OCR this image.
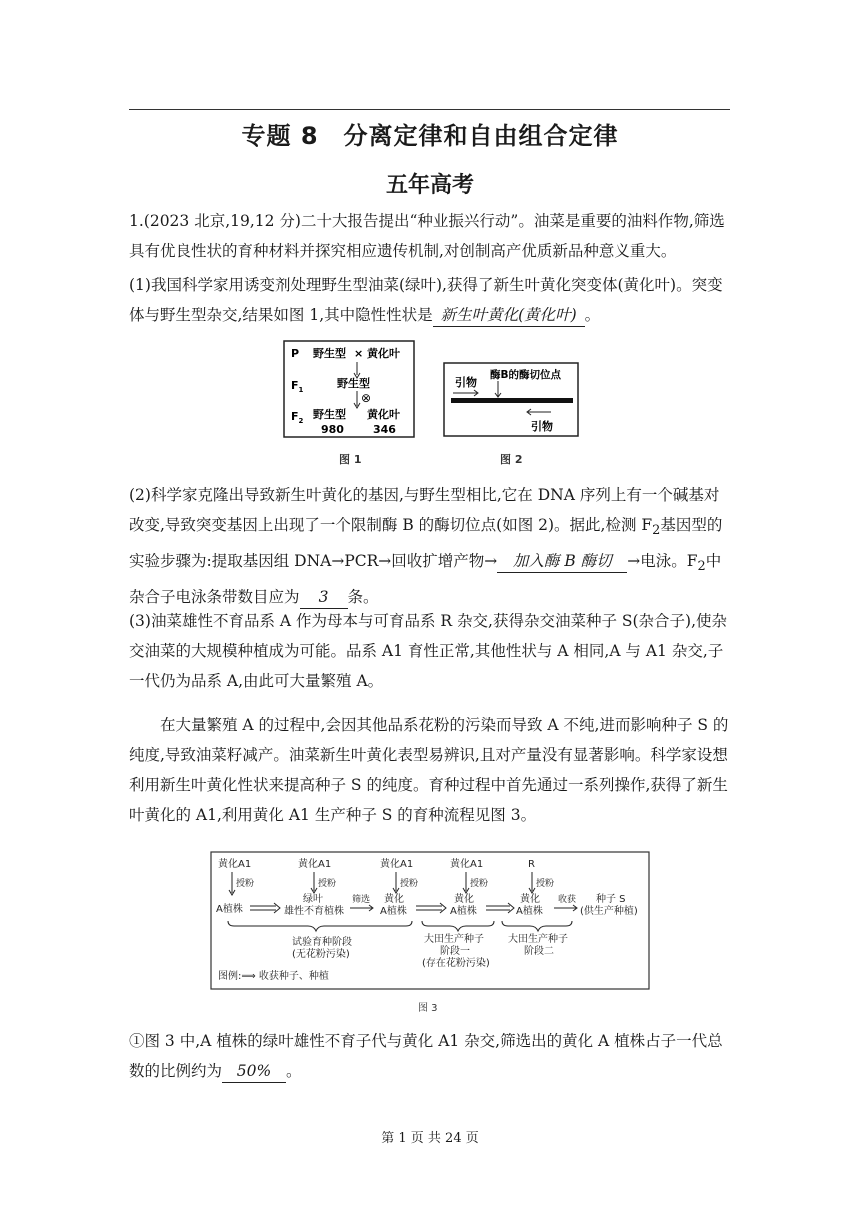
专题 8　分离定律和自由组合定律
五年高考
1.(2023 北京,19,12 分)二十大报告提出“种业振兴行动”。油菜是重要的油料作物,筛选具有优良性状的育种材料并探究相应遗传机制,对创制高产优质新品种意义重大。
(1)我国科学家用诱变剂处理野生型油菜(绿叶),获得了新生叶黄化突变体(黄化叶)。突变体与野生型杂交,结果如图 1,其中隐性性状是 新生叶黄化(黄化叶) 。
P 野生型 × 黄化叶
$F_1$	野生型
⊗
$F_2$ 野生型 黄化叶
980	346
图 1
引物
酶B的酶切位点
引物
图 2
(2)科学家克隆出导致新生叶黄化的基因,与野生型相比,它在 DNA 序列上有一个碱基对改变,导致突变基因上出现了一个限制酶 B 的酶切位点(如图 2)。据此,检测 $F_2$基因型的实验步骤为:提取基因组 DNA→PCR→回收扩增产物→ 加入酶 B 酶切 →电泳。$F_2$中杂合子电泳条带数目应为 3 条。
(3)油菜雄性不育品系 A 作为母本与可育品系 R 杂交,获得杂交油菜种子 S(杂合子),使杂交油菜的大规模种植成为可能。品系 A1 育性正常,其他性状与 A 相同,A 与 A1 杂交,子一代仍为品系 A,由此可大量繁殖 A。
在大量繁殖 A 的过程中,会因其他品系花粉的污染而导致 A 不纯,进而影响种子 S 的纯度,导致油菜籽减产。油菜新生叶黄化表型易辨识,且对产量没有显著影响。科学家设想利用新生叶黄化性状来提高种子 S 的纯度。育种过程中首先通过一系列操作,获得了新生叶黄化的 A1,利用黄化 A1 生产种子 S 的育种流程见图 3。
黄化A1	黄化A1	黄化A1	黄化A1	R
授粉	授粉	授粉	授粉	授粉
A植株
绿叶
雄性不育植株
筛选 黄化
A植株
黄化
A植株
黄化
A植株
收获 种子 S
(供生产种植)
试验育种阶段
(无花粉污染)
大田生产种子
阶段一
(存在花粉污染)
大田生产种子
阶段二
图例:⟹ 收获种子、种植
图 3
①图 3 中,A 植株的绿叶雄性不育子代与黄化 A1 杂交,筛选出的黄化 A 植株占子一代总数的比例约为 50% 。
第 1 页 共 24 页
